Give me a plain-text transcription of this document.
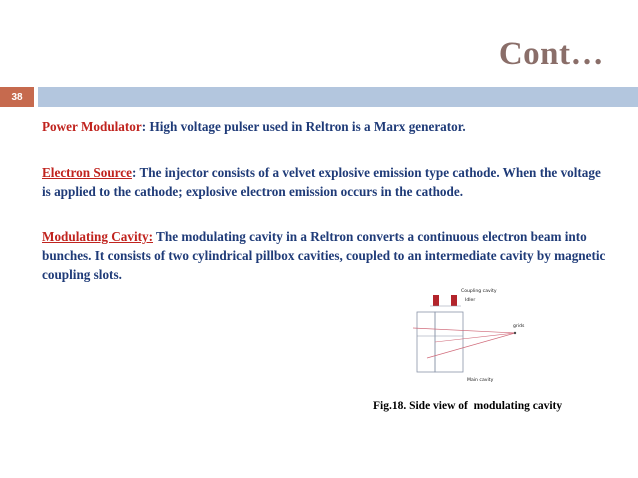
Cont…
38
Power Modulator: High voltage pulser used in Reltron is a Marx generator.
Electron Source: The injector consists of a velvet explosive emission type cathode. When the voltage is applied to the cathode; explosive electron emission occurs in the cathode.
Modulating Cavity: The modulating cavity in a Reltron converts a continuous electron beam into bunches. It consists of two cylindrical pillbox cavities, coupled to an intermediate cavity by magnetic coupling slots.
Coupling cavity
Idler
grids
Main cavity
Fig.18. Side view of  modulating cavity
